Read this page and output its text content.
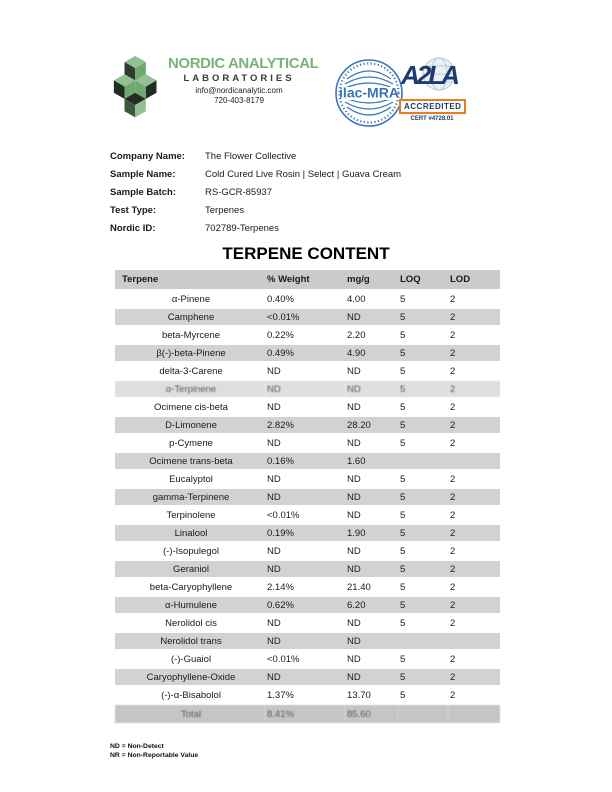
NORDIC ANALYTICAL
LABORATORIES
info@nordicanalytic.com
720-403-8179	ilac-MRA
A2LA
ACCREDITED
CERT #4728.01
Company Name:	The Flower Collective
Sample Name:	Cold Cured Live Rosin | Select | Guava Cream
Sample Batch:	RS-GCR-85937
Test Type:	Terpenes
Nordic ID:	702789-Terpenes
TERPENE CONTENT
Terpene	% Weight	mg/g	LOQ	LOD
α-Pinene	0.40%	4.00	5	2
Camphene	<0.01%	ND	5	2
beta-Myrcene	0.22%	2.20	5	2
β(-)-beta-Pinene	0.49%	4.90	5	2
delta-3-Carene	ND	ND	5	2
α-Terpinene	ND	ND	5	2
Ocimene cis-beta	ND	ND	5	2
D-Limonene	2.82%	28.20	5	2
p-Cymene	ND	ND	5	2
Ocimene trans-beta	0.16%	1.60		
Eucalyptol	ND	ND	5	2
gamma-Terpinene	ND	ND	5	2
Terpinolene	<0.01%	ND	5	2
Linalool	0.19%	1.90	5	2
(-)-Isopulegol	ND	ND	5	2
Geraniol	ND	ND	5	2
beta-Caryophyllene	2.14%	21.40	5	2
α-Humulene	0.62%	6.20	5	2
Nerolidol cis	ND	ND	5	2
Nerolidol trans	ND	ND		
(-)-Guaiol	<0.01%	ND	5	2
Caryophyllene-Oxide	ND	ND	5	2
(-)-α-Bisabolol	1.37%	13.70	5	2
Total	8.41%	85.60		
ND = Non-Detect
NR = Non-Reportable Value
